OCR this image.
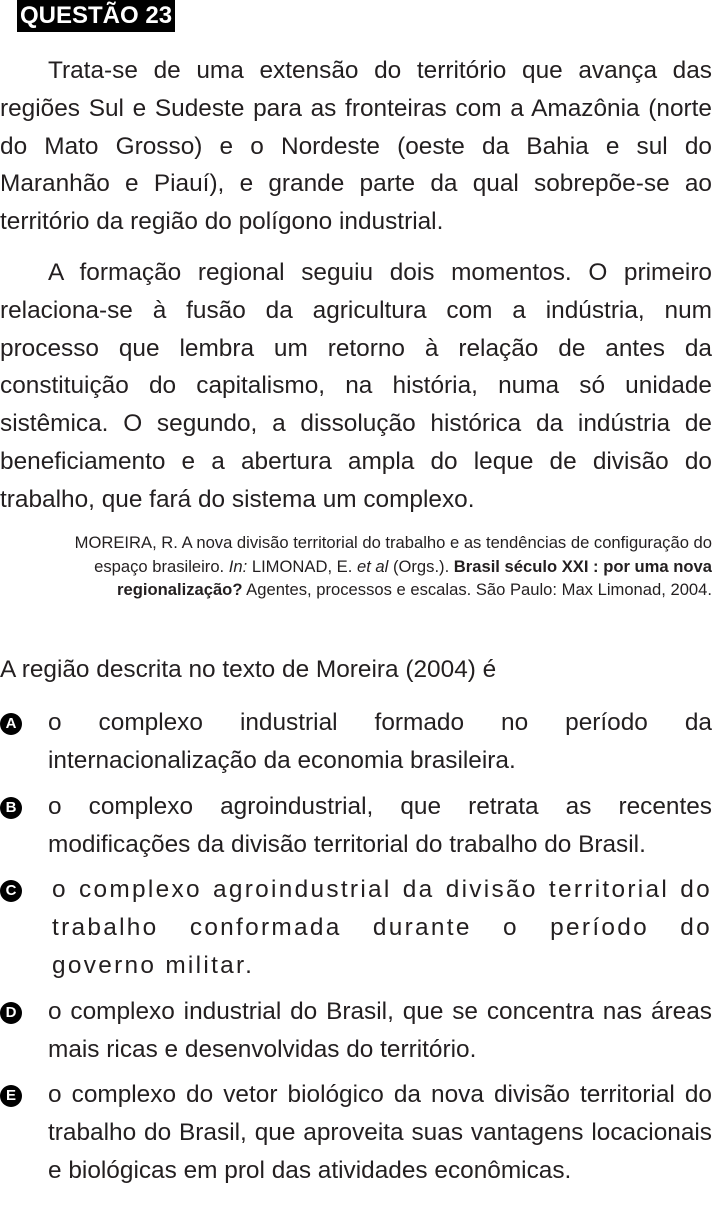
QUESTÃO 23

Trata-se de uma extensão do território que avança das regiões Sul e Sudeste para as fronteiras com a Amazônia (norte do Mato Grosso) e o Nordeste (oeste da Bahia e sul do Maranhão e Piauí), e grande parte da qual sobrepõe-se ao território da região do polígono industrial.

A formação regional seguiu dois momentos. O primeiro relaciona-se à fusão da agricultura com a indústria, num processo que lembra um retorno à relação de antes da constituição do capitalismo, na história, numa só unidade sistêmica. O segundo, a dissolução histórica da indústria de beneficiamento e a abertura ampla do leque de divisão do trabalho, que fará do sistema um complexo.

MOREIRA, R. A nova divisão territorial do trabalho e as tendências de configuração do espaço brasileiro. In: LIMONAD, E. et al (Orgs.). Brasil século XXI : por uma nova regionalização? Agentes, processos e escalas. São Paulo: Max Limonad, 2004.

A região descrita no texto de Moreira (2004) é

A o complexo industrial formado no período da internacionalização da economia brasileira.

B o complexo agroindustrial, que retrata as recentes modificações da divisão territorial do trabalho do Brasil.

C o complexo agroindustrial da divisão territorial do trabalho conformada durante o período do governo militar.

D o complexo industrial do Brasil, que se concentra nas áreas mais ricas e desenvolvidas do território.

E o complexo do vetor biológico da nova divisão territorial do trabalho do Brasil, que aproveita suas vantagens locacionais e biológicas em prol das atividades econômicas.
